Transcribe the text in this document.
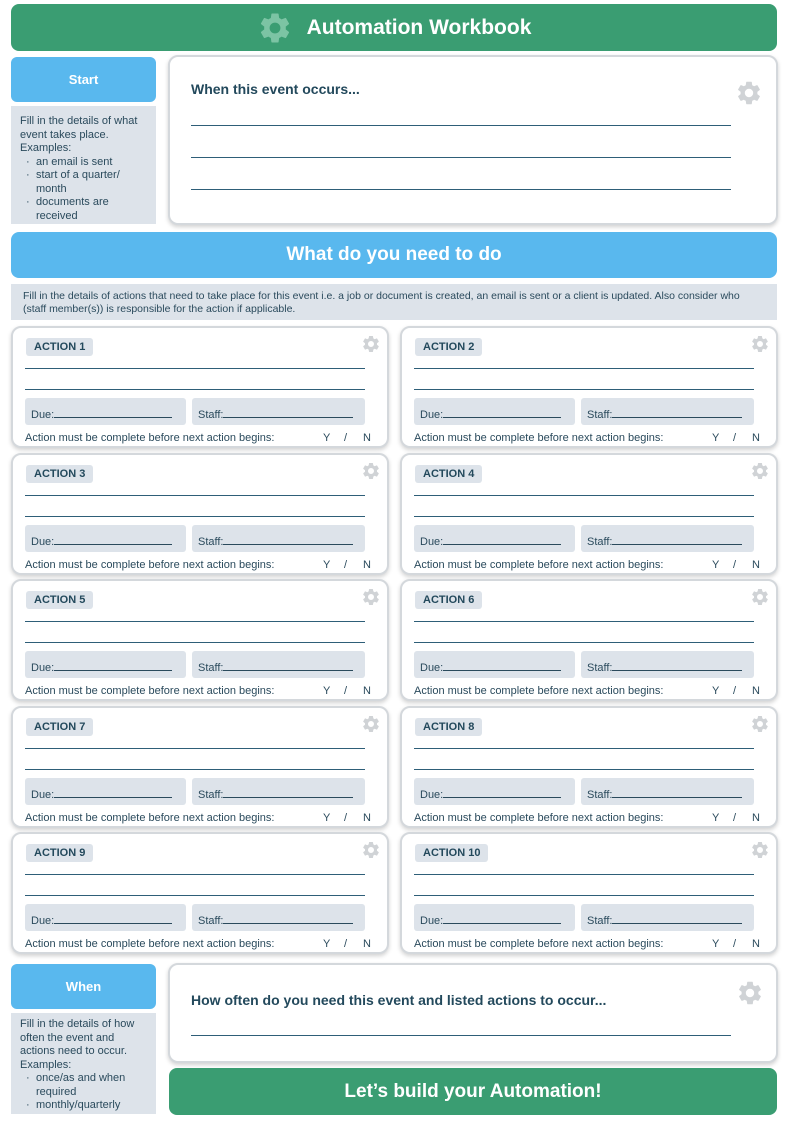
Automation Workbook
Start
Fill in the details of what event takes place. Examples:
· an email is sent
· start of a quarter/ month
· documents are received
When this event occurs...
What do you need to do
Fill in the details of actions that need to take place for this event i.e. a job or document is created, an email is sent or a client is updated. Also consider who (staff member(s)) is responsible for the action if applicable.
ACTION 1
Due:	Staff:
Action must be complete before next action begins:	Y / N
ACTION 2
Due:	Staff:
Action must be complete before next action begins:	Y / N
ACTION 3
Due:	Staff:
Action must be complete before next action begins:	Y / N
ACTION 4
Due:	Staff:
Action must be complete before next action begins:	Y / N
ACTION 5
Due:	Staff:
Action must be complete before next action begins:	Y / N
ACTION 6
Due:	Staff:
Action must be complete before next action begins:	Y / N
ACTION 7
Due:	Staff:
Action must be complete before next action begins:	Y / N
ACTION 8
Due:	Staff:
Action must be complete before next action begins:	Y / N
ACTION 9
Due:	Staff:
Action must be complete before next action begins:	Y / N
ACTION 10
Due:	Staff:
Action must be complete before next action begins:	Y / N
When
Fill in the details of how often the event and actions need to occur. Examples:
· once/as and when required
· monthly/quarterly
How often do you need this event and listed actions to occur...
Let’s build your Automation!
